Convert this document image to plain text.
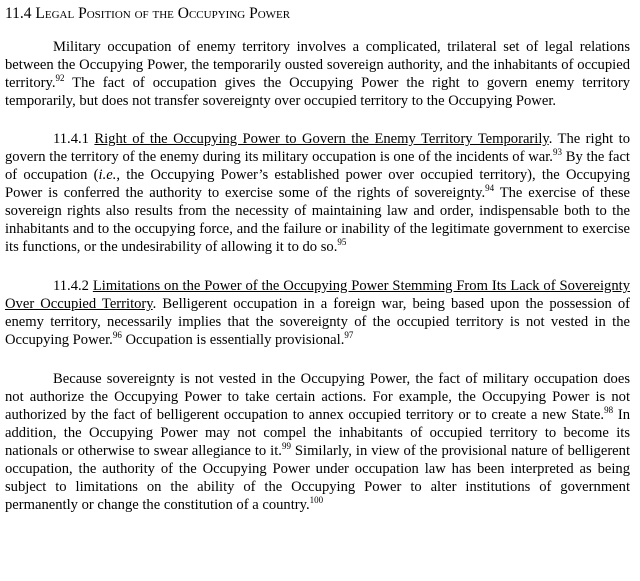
11.4 Legal Position of the Occupying Power

Military occupation of enemy territory involves a complicated, trilateral set of legal relations between the Occupying Power, the temporarily ousted sovereign authority, and the inhabitants of occupied territory.$^{92}$ The fact of occupation gives the Occupying Power the right to govern enemy territory temporarily, but does not transfer sovereignty over occupied territory to the Occupying Power.

11.4.1 Right of the Occupying Power to Govern the Enemy Territory Temporarily. The right to govern the territory of the enemy during its military occupation is one of the incidents of war.$^{93}$ By the fact of occupation (i.e., the Occupying Power’s established power over occupied territory), the Occupying Power is conferred the authority to exercise some of the rights of sovereignty.$^{94}$ The exercise of these sovereign rights also results from the necessity of maintaining law and order, indispensable both to the inhabitants and to the occupying force, and the failure or inability of the legitimate government to exercise its functions, or the undesirability of allowing it to do so.$^{95}$

11.4.2 Limitations on the Power of the Occupying Power Stemming From Its Lack of Sovereignty Over Occupied Territory. Belligerent occupation in a foreign war, being based upon the possession of enemy territory, necessarily implies that the sovereignty of the occupied territory is not vested in the Occupying Power.$^{96}$ Occupation is essentially provisional.$^{97}$

Because sovereignty is not vested in the Occupying Power, the fact of military occupation does not authorize the Occupying Power to take certain actions. For example, the Occupying Power is not authorized by the fact of belligerent occupation to annex occupied territory or to create a new State.$^{98}$ In addition, the Occupying Power may not compel the inhabitants of occupied territory to become its nationals or otherwise to swear allegiance to it.$^{99}$ Similarly, in view of the provisional nature of belligerent occupation, the authority of the Occupying Power under occupation law has been interpreted as being subject to limitations on the ability of the Occupying Power to alter institutions of government permanently or change the constitution of a country.$^{100}$
